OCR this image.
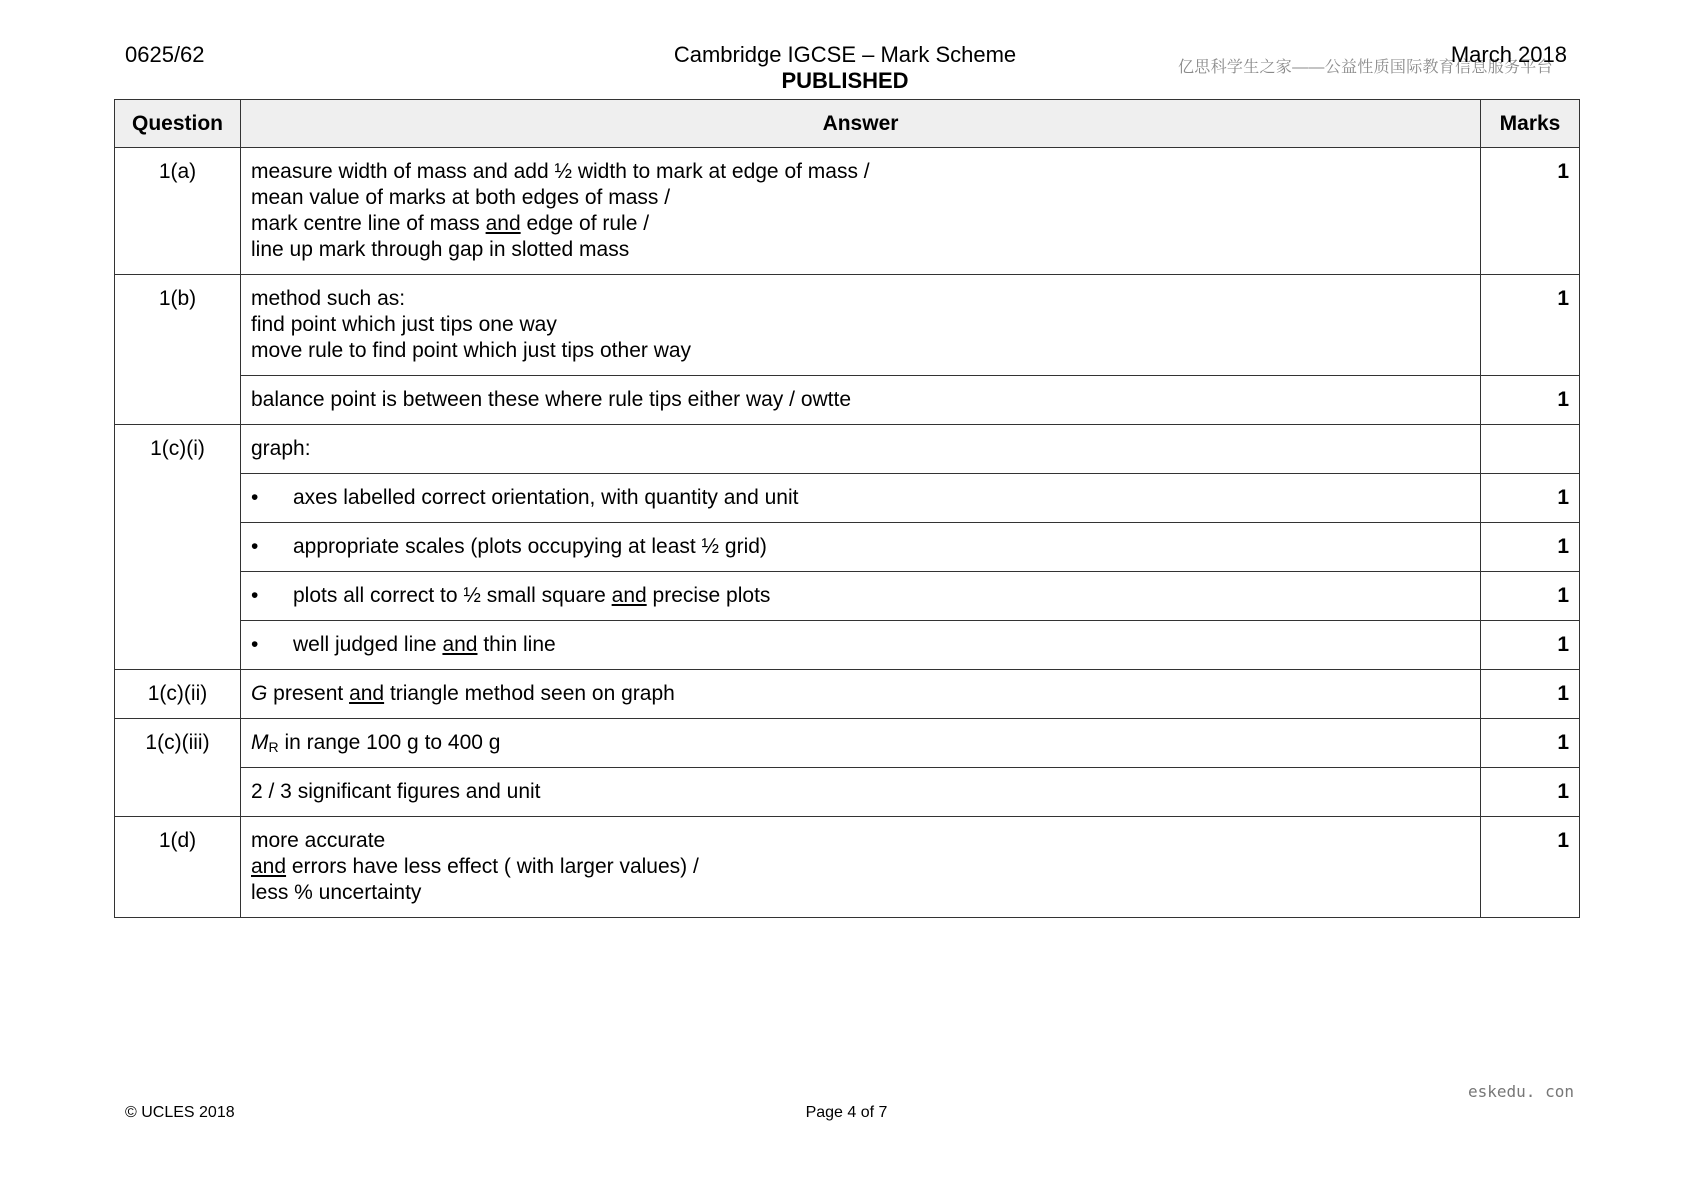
0625/62	Cambridge IGCSE – Mark Scheme
PUBLISHED
亿思科学生之家——公益性质国际教育信息服务平台
March 2018
Question	Answer	Marks
1(a)	measure width of mass and add ½ width to mark at edge of mass /
mean value of marks at both edges of mass /
mark centre line of mass and edge of rule /
line up mark through gap in slotted mass	1
1(b)	method such as:
find point which just tips one way
move rule to find point which just tips other way	1
	balance point is between these where rule tips either way / owtte	1
1(c)(i)	graph:	
	• axes labelled correct orientation, with quantity and unit	1
	• appropriate scales (plots occupying at least ½ grid)	1
	• plots all correct to ½ small square and precise plots	1
	• well judged line and thin line	1
1(c)(ii)	G present and triangle method seen on graph	1
1(c)(iii)	$M_R$ in range 100 g to 400 g	1
	2 / 3 significant figures and unit	1
1(d)	more accurate
and errors have less effect ( with larger values) /
less % uncertainty	1
eskedu. con
© UCLES 2018	Page 4 of 7
